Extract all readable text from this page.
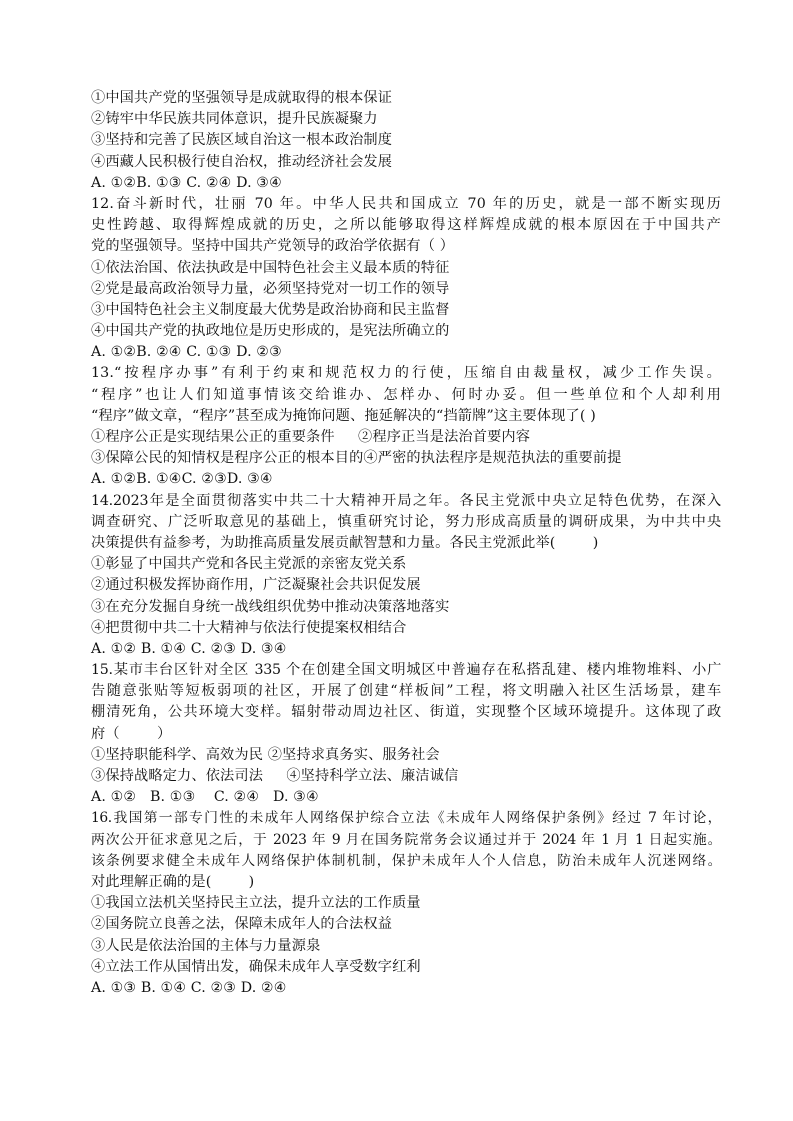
①中国共产党的坚强领导是成就取得的根本保证
②铸牢中华民族共同体意识，提升民族凝聚力
③坚持和完善了民族区域自治这一根本政治制度
④西藏人民积极行使自治权，推动经济社会发展
A. ①②B. ①③ C. ②④ D. ③④
12.奋斗新时代，壮丽 70 年。中华人民共和国成立 70 年的历史，就是一部不断实现历
史性跨越、取得辉煌成就的历史，之所以能够取得这样辉煌成就的根本原因在于中国共产
党的坚强领导。坚持中国共产党领导的政治学依据有（ ）
①依法治国、依法执政是中国特色社会主义最本质的特征
②党是最高政治领导力量，必须坚持党对一切工作的领导
③中国特色社会主义制度最大优势是政治协商和民主监督
④中国共产党的执政地位是历史形成的，是宪法所确立的
A. ①②B. ②④ C. ①③ D. ②③
13.“按程序办事”有利于约束和规范权力的行使，压缩自由裁量权，减少工作失误。
“程序”也让人们知道事情该交给谁办、怎样办、何时办妥。但一些单位和个人却利用
“程序”做文章，“程序”甚至成为掩饰问题、拖延解决的“挡箭牌”这主要体现了( )
①程序公正是实现结果公正的重要条件     ②程序正当是法治首要内容
③保障公民的知情权是程序公正的根本目的④严密的执法程序是规范执法的重要前提
A. ①②B. ①④C. ②③D. ③④
14.2023年是全面贯彻落实中共二十大精神开局之年。各民主党派中央立足特色优势，在深入
调查研究、广泛听取意见的基础上，慎重研究讨论，努力形成高质量的调研成果，为中共中央
决策提供有益参考，为助推高质量发展贡献智慧和力量。各民主党派此举(        )
①彰显了中国共产党和各民主党派的亲密友党关系
②通过积极发挥协商作用，广泛凝聚社会共识促发展
③在充分发掘自身统一战线组织优势中推动决策落地落实
④把贯彻中共二十大精神与依法行使提案权相结合
A. ①② B. ①④ C. ②③ D. ③④
15.某市丰台区针对全区 335 个在创建全国文明城区中普遍存在私搭乱建、楼内堆物堆料、小广
告随意张贴等短板弱项的社区，开展了创建“样板间”工程，将文明融入社区生活场景，建车
棚清死角，公共环境大变样。辐射带动周边社区、街道，实现整个区域环境提升。这体现了政
府（        ）
①坚持职能科学、高效为民 ②坚持求真务实、服务社会
③保持战略定力、依法司法     ④坚持科学立法、廉洁诚信
A. ①②   B. ①③    C. ②④   D. ③④
16.我国第一部专门性的未成年人网络保护综合立法《未成年人网络保护条例》经过 7 年讨论，
两次公开征求意见之后，于 2023 年 9 月在国务院常务会议通过并于 2024 年 1 月 1 日起实施。
该条例要求健全未成年人网络保护体制机制，保护未成年人个人信息，防治未成年人沉迷网络。
对此理解正确的是(        )
①我国立法机关坚持民主立法，提升立法的工作质量
②国务院立良善之法，保障未成年人的合法权益
③人民是依法治国的主体与力量源泉
④立法工作从国情出发，确保未成年人享受数字红利
A. ①③ B. ①④ C. ②③ D. ②④
